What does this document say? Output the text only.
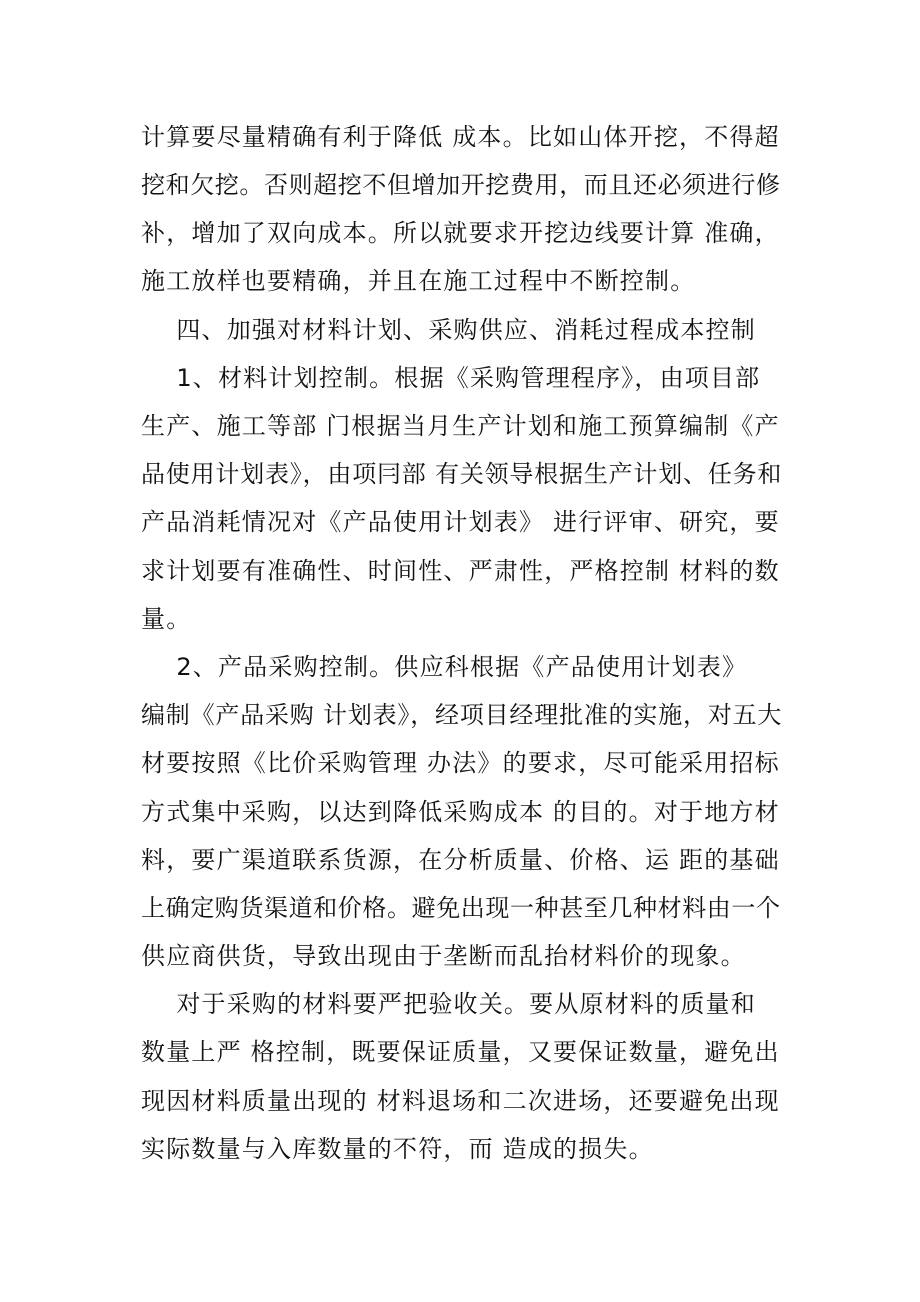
计算要尽量精确有利于降低 成本。比如山体开挖，不得超
挖和欠挖。否则超挖不但增加开挖费用，而且还必须进行修
补，增加了双向成本。所以就要求开挖边线要计算 准确，
施工放样也要精确，并且在施工过程中不断控制。
四、加强对材料计划、采购供应、消耗过程成本控制
1、材料计划控制。根据《采购管理程序》，由项目部
生产、施工等部 门根据当月生产计划和施工预算编制《产
品使用计划表》，由项冃部 有关领导根据生产计划、任务和
产品消耗情况对《产品使用计划表》 进行评审、研究，要
求计划要有准确性、时间性、严肃性，严格控制 材料的数
量。
2、产品采购控制。供应科根据《产品使用计划表》
编制《产品采购 计划表》，经项目经理批准的实施，对五大
材要按照《比价采购管理 办法》的要求，尽可能采用招标
方式集中采购，以达到降低采购成本 的目的。对于地方材
料，要广渠道联系货源，在分析质量、价格、运 距的基础
上确定购货渠道和价格。避免出现一种甚至几种材料由一个
供应商供货，导致出现由于垄断而乱抬材料价的现象。
对于采购的材料要严把验收关。要从原材料的质量和
数量上严 格控制，既要保证质量，又要保证数量，避免出
现因材料质量出现的 材料退场和二次进场，还要避免出现
实际数量与入库数量的不符，而 造成的损失。
